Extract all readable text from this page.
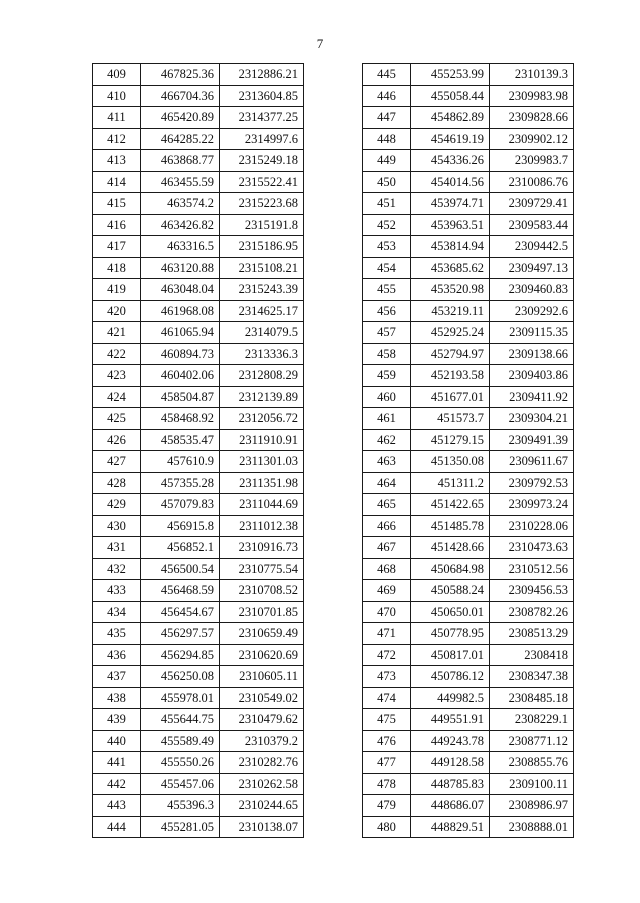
7
409	467825.36	2312886.21
410	466704.36	2313604.85
411	465420.89	2314377.25
412	464285.22	2314997.6
413	463868.77	2315249.18
414	463455.59	2315522.41
415	463574.2	2315223.68
416	463426.82	2315191.8
417	463316.5	2315186.95
418	463120.88	2315108.21
419	463048.04	2315243.39
420	461968.08	2314625.17
421	461065.94	2314079.5
422	460894.73	2313336.3
423	460402.06	2312808.29
424	458504.87	2312139.89
425	458468.92	2312056.72
426	458535.47	2311910.91
427	457610.9	2311301.03
428	457355.28	2311351.98
429	457079.83	2311044.69
430	456915.8	2311012.38
431	456852.1	2310916.73
432	456500.54	2310775.54
433	456468.59	2310708.52
434	456454.67	2310701.85
435	456297.57	2310659.49
436	456294.85	2310620.69
437	456250.08	2310605.11
438	455978.01	2310549.02
439	455644.75	2310479.62
440	455589.49	2310379.2
441	455550.26	2310282.76
442	455457.06	2310262.58
443	455396.3	2310244.65
444	455281.05	2310138.07
445	455253.99	2310139.3
446	455058.44	2309983.98
447	454862.89	2309828.66
448	454619.19	2309902.12
449	454336.26	2309983.7
450	454014.56	2310086.76
451	453974.71	2309729.41
452	453963.51	2309583.44
453	453814.94	2309442.5
454	453685.62	2309497.13
455	453520.98	2309460.83
456	453219.11	2309292.6
457	452925.24	2309115.35
458	452794.97	2309138.66
459	452193.58	2309403.86
460	451677.01	2309411.92
461	451573.7	2309304.21
462	451279.15	2309491.39
463	451350.08	2309611.67
464	451311.2	2309792.53
465	451422.65	2309973.24
466	451485.78	2310228.06
467	451428.66	2310473.63
468	450684.98	2310512.56
469	450588.24	2309456.53
470	450650.01	2308782.26
471	450778.95	2308513.29
472	450817.01	2308418
473	450786.12	2308347.38
474	449982.5	2308485.18
475	449551.91	2308229.1
476	449243.78	2308771.12
477	449128.58	2308855.76
478	448785.83	2309100.11
479	448686.07	2308986.97
480	448829.51	2308888.01
